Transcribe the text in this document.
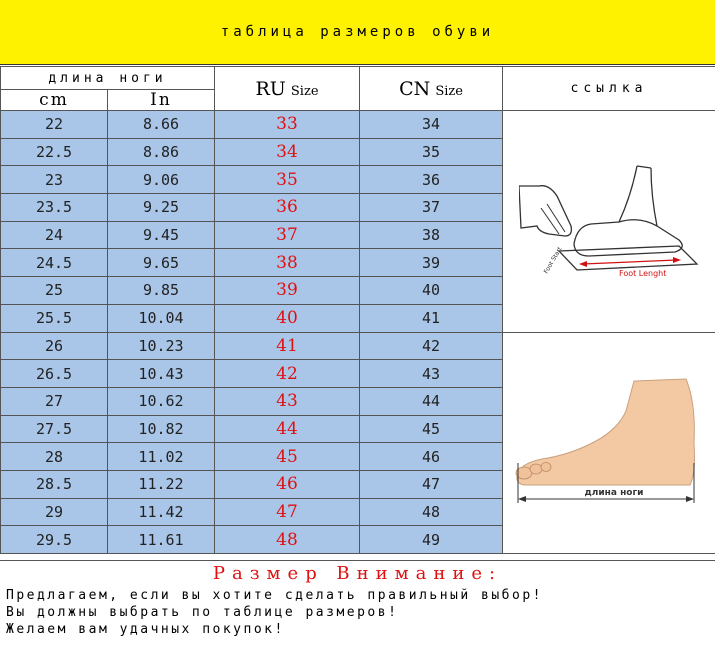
таблица размеров обуви
длина ноги		RU Size	CN Size	ссылка
cm	In			
22	8.66	33	34	Foot Lenght
Foot Start

22.5	8.86	34	35	
23	9.06	35	36	
23.5	9.25	36	37	
24	9.45	37	38	
24.5	9.65	38	39	
25	9.85	39	40	
25.5	10.04	40	41	
26	10.23	41	42	длина ноги

26.5	10.43	42	43	
27	10.62	43	44	
27.5	10.82	44	45	
28	11.02	45	46	
28.5	11.22	46	47	
29	11.42	47	48	
29.5	11.61	48	49	
Размер Внимание:
Предлагаем, если вы хотите сделать правильный выбор!
Вы должны выбрать по таблице размеров!
Желаем вам удачных покупок!
